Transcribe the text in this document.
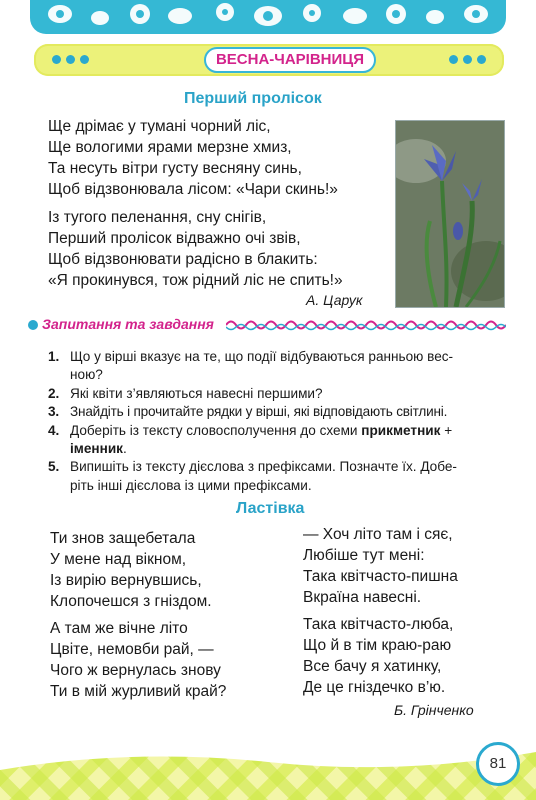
ВЕСНА-ЧАРІВНИЦЯ
Перший пролісок
Ще дрімає у тумані чорний ліс,
Ще вологими ярами мерзне хмиз,
Та несуть вітри густу весняну синь,
Щоб відзвонювала лісом: «Чари скинь!»
Із тугого пеленання, сну снігів,
Перший пролісок відважно очі звів,
Щоб відзвонювати радісно в блакить:
«Я прокинувся, тож рідний ліс не спить!»
А. Царук
Запитання та завдання
1. Що у вірші вказує на те, що події відбуваються ранньою вес-
ною?
2. Які квіти з’являються навесні першими?
3. Знайдіть і прочитайте рядки у вірші, які відповідають світлині.
4. Доберіть із тексту словосполучення до схеми прикметник +
іменник.
5. Випишіть із тексту дієслова з префіксами. Позначте їх. Добе-
ріть інші дієслова із цими префіксами.
Ластівка
Ти знов защебетала
У мене над вікном,
Із вирію вернувшись,
Клопочешся з гніздом.
А там же вічне літо
Цвіте, немовби рай, —
Чого ж вернулась знову
Ти в мій журливий край?
— Хоч літо там і сяє,
Любіше тут мені:
Така квітчасто-пишна
Вкраїна навесні.
Така квітчасто-люба,
Що й в тім краю-раю
Все бачу я хатинку,
Де це гніздечко в’ю.
Б. Грінченко
81
